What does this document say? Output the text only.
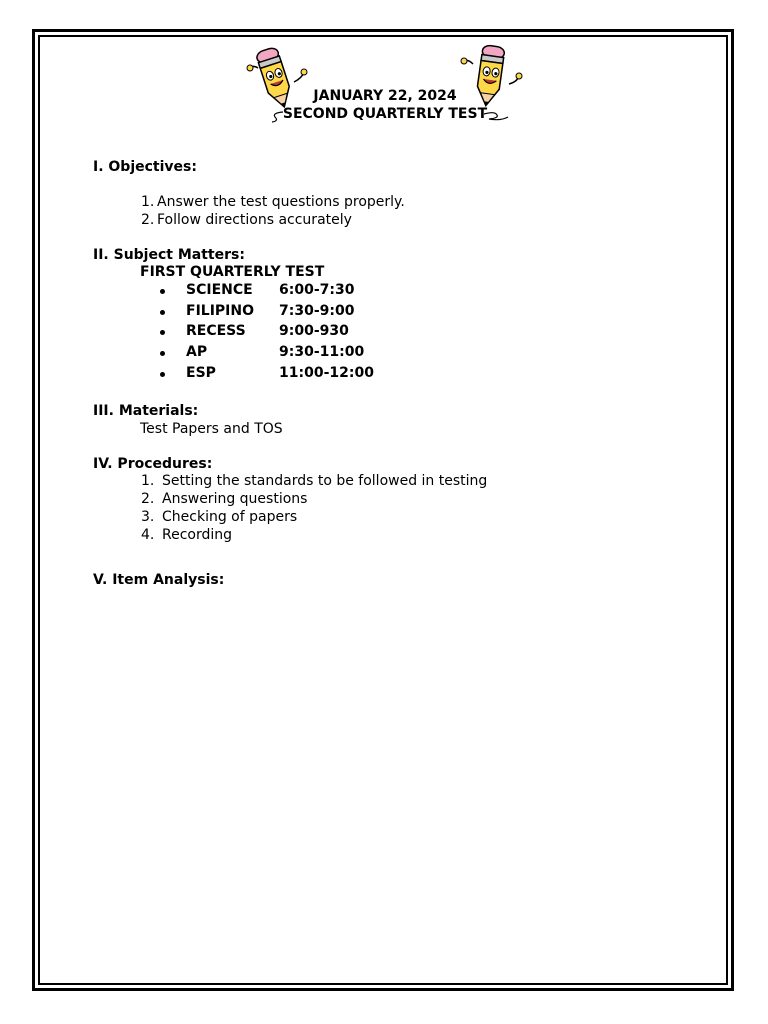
JANUARY 22, 2024
SECOND QUARTERLY TEST
I. Objectives:
1. Answer the test questions properly.
2. Follow directions accurately
II. Subject Matters:
FIRST QUARTERLY TEST
SCIENCE 6:00-7:30
FILIPINO 7:30-9:00
RECESS 9:00-930
AP	9:30-11:00
ESP	11:00-12:00
III. Materials:
Test Papers and TOS
IV. Procedures:
1. Setting the standards to be followed in testing
2. Answering questions
3. Checking of papers
4. Recording
V. Item Analysis:
